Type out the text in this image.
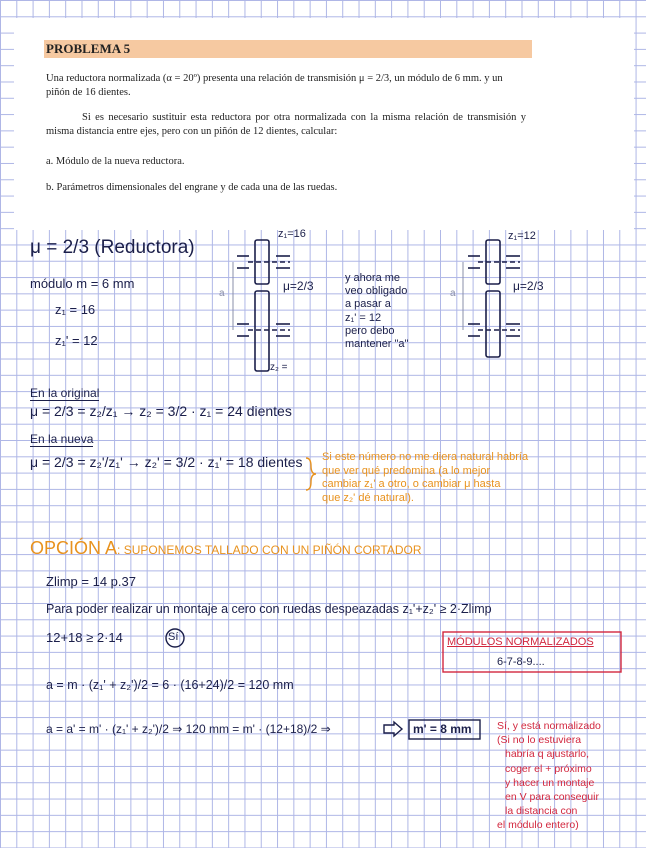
PROBLEMA 5
Una reductora normalizada (α = 20º) presenta una relación de transmisión μ = 2/3, un módulo de 6 mm. y un piñón de 16 dientes.
Si es necesario sustituir esta reductora por otra normalizada con la misma relación de transmisión y misma distancia entre ejes, pero con un piñón de 12 dientes, calcular:
a. Módulo de la nueva reductora.
b. Parámetros dimensionales del engrane y de cada una de las ruedas.
μ = 2/3 (Reductora)
módulo m = 6 mm
z₁ = 16
z₁' = 12
z₁=16
μ=2/3
a
z₂ =
z₁=12
μ=2/3
a
y ahora me
veo obligado
a pasar a
z₁' = 12
pero debo
mantener "a"
En la original
μ = 2/3 = z₂/z₁ → z₂ = 3/2 · z₁ = 24 dientes
En la nueva
μ = 2/3 = z₂'/z₁' → z₂' = 3/2 · z₁' = 18 dientes Si este número no me diera natural habría
que ver qué predomina (a lo mejor
cambiar z₁' a otro, o cambiar μ hasta
que z₂' dé natural).
OPCIÓN A: SUPONEMOS TALLADO CON UN PIÑÓN CORTADOR
Zlimp = 14 p.37
Para poder realizar un montaje a cero con ruedas despeazadas z₁'+z₂' ≥ 2·Zlimp
12+18 ≥ 2·14	Sí	MÓDULOS NORMALIZADOS
6-7-8-9....
a = m · (z₁' + z₂')/2 = 6 · (16+24)/2 = 120 mm
a = a' = m' · (z₁' + z₂')/2 ⇒ 120 mm = m' · (12+18)/2 ⇒	m' = 8 mm Sí, y está normalizado
(Si no lo estuviera
habría q ajustarlo,
coger el + próximo
y hacer un montaje
en V para conseguir
la distancia con
el módulo entero)
